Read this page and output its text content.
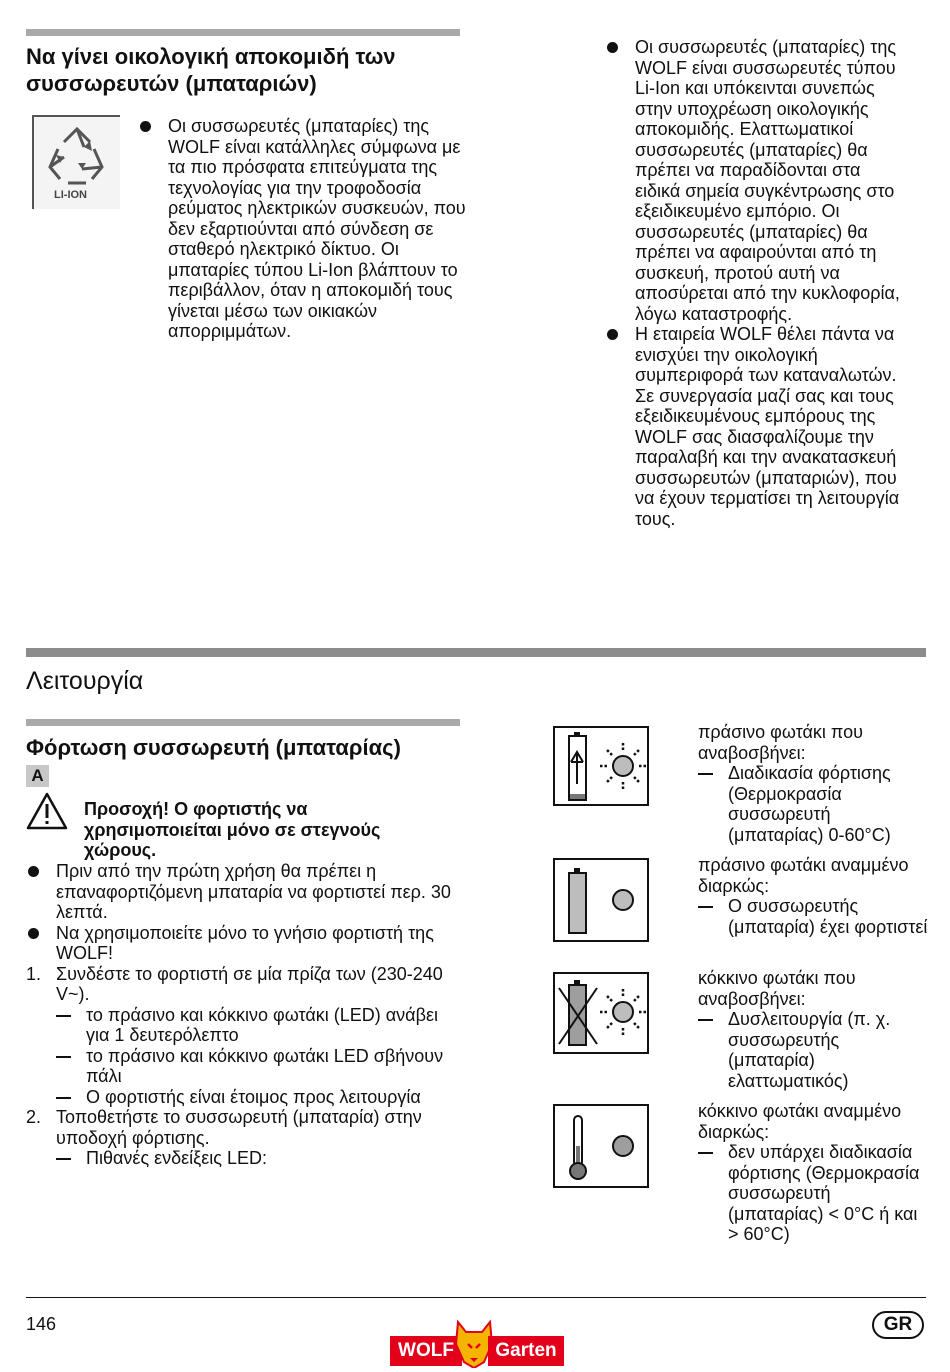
Να γίνει οικολογική αποκομιδή των
συσσωρευτών (μπαταριών)
LI-ION
Οι συσσωρευτές (μπαταρίες) της WOLF είναι κατάλληλες σύμφωνα με τα πιο πρόσφατα επιτεύγματα της τεχνολογίας για την τροφοδοσία ρεύματος ηλεκτρικών συσκευών, που δεν εξαρτιούνται από σύνδεση σε σταθερό ηλεκτρικό δίκτυο. Οι μπαταρίες τύπου Li-Ion βλάπτουν το περιβάλλον, όταν η αποκομιδή τους γίνεται μέσω των οικιακών απορριμμάτων.
Οι συσσωρευτές (μπαταρίες) της WOLF είναι συσσωρευτές τύπου Li-Ion και υπόκεινται συνεπώς στην υποχρέωση οικολογικής αποκομιδής. Ελαττωματικοί συσσωρευτές (μπαταρίες) θα πρέπει να παραδίδονται στα ειδικά σημεία συγκέντρωσης στο εξειδικευμένο εμπόριο. Οι συσσωρευτές (μπαταρίες) θα πρέπει να αφαιρούνται από τη συσκευή, προτού αυτή να αποσύρεται από την κυκλοφορία, λόγω καταστροφής.
Η εταιρεία WOLF θέλει πάντα να ενισχύει την οικολογική συμπεριφορά των καταναλωτών. Σε συνεργασία μαζί σας και τους εξειδικευμένους εμπόρους της WOLF σας διασφαλίζουμε την παραλαβή και την ανακατασκευή συσσωρευτών (μπαταριών), που να έχουν τερματίσει τη λειτουργία τους.
Λειτουργία
Φόρτωση συσσωρευτή (μπαταρίας)
A
Προσοχή! Ο φορτιστής να
χρησιμοποιείται μόνο σε στεγνούς
χώρους.
Πριν από την πρώτη χρήση θα πρέπει η επαναφορτιζόμενη μπαταρία να φορτιστεί περ. 30 λεπτά.
Να χρησιμοποιείτε μόνο το γνήσιο φορτιστή της WOLF!
1. Συνδέστε το φορτιστή σε μία πρίζα των (230-240 V~).
το πράσινο και κόκκινο φωτάκι (LED) ανάβει για 1 δευτερόλεπτο
το πράσινο και κόκκινο φωτάκι LED σβήνουν πάλι
Ο φορτιστής είναι έτοιμος προς λειτουργία
2. Τοποθετήστε το συσσωρευτή (μπαταρία) στην υποδοχή φόρτισης.
Πιθανές ενδείξεις LED:
πράσινο φωτάκι που αναβοσβήνει:
Διαδικασία φόρτισης (Θερμοκρασία συσσωρευτή (μπαταρίας) 0-60°C)
πράσινο φωτάκι αναμμένο διαρκώς:
Ο συσσωρευτής (μπαταρία) έχει φορτιστεί
κόκκινο φωτάκι που αναβοσβήνει:
Δυσλειτουργία (π. χ. συσσωρευτής (μπαταρία) ελαττωματικός)
κόκκινο φωτάκι αναμμένο διαρκώς:
δεν υπάρχει διαδικασία φόρτισης (Θερμοκρασία συσσωρευτή (μπαταρίας) < 0°C ή και > 60°C)
146
WOLF	Garten
GR
